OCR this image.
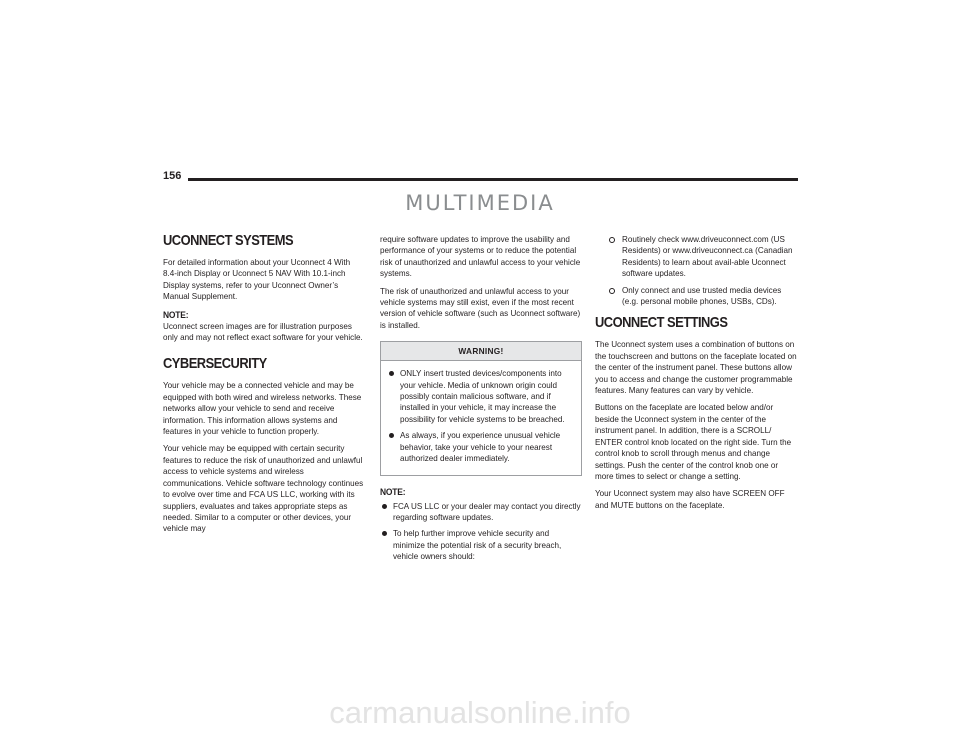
156
MULTIMEDIA
UCONNECT SYSTEMS

For detailed information about your Uconnect 4 With 8.4-inch Display or Uconnect 5 NAV With 10.1-inch Display systems, refer to your Uconnect Owner’s Manual Supplement.

NOTE:

Uconnect screen images are for illustration purposes only and may not reflect exact software for your vehicle.

CYBERSECURITY

Your vehicle may be a connected vehicle and may be equipped with both wired and wireless networks. These networks allow your vehicle to send and receive information. This information allows systems and features in your vehicle to function properly.

Your vehicle may be equipped with certain security features to reduce the risk of unauthorized and unlawful access to vehicle systems and wireless communications. Vehicle software technology continues to evolve over time and FCA US LLC, working with its suppliers, evaluates and takes appropriate steps as needed. Similar to a computer or other devices, your vehicle may

require software updates to improve the usability and performance of your systems or to reduce the potential risk of unauthorized and unlawful access to your vehicle systems.

The risk of unauthorized and unlawful access to your vehicle systems may still exist, even if the most recent version of vehicle software (such as Uconnect software) is installed.

WARNING!
ONLY insert trusted devices/components into your vehicle. Media of unknown origin could possibly contain malicious software, and if installed in your vehicle, it may increase the possibility for vehicle systems to be breached.
As always, if you experience unusual vehicle behavior, take your vehicle to your nearest authorized dealer immediately.
NOTE:
FCA US LLC or your dealer may contact you directly regarding software updates.
To help further improve vehicle security and minimize the potential risk of a security breach, vehicle owners should:
Routinely check www.driveuconnect.com (US Residents) or www.driveuconnect.ca (Canadian Residents) to learn about avail-able Uconnect software updates.
Only connect and use trusted media devices (e.g. personal mobile phones, USBs, CDs).
UCONNECT SETTINGS

The Uconnect system uses a combination of buttons on the touchscreen and buttons on the faceplate located on the center of the instrument panel. These buttons allow you to access and change the customer programmable features. Many features can vary by vehicle.

Buttons on the faceplate are located below and/or beside the Uconnect system in the center of the instrument panel. In addition, there is a SCROLL/ ENTER control knob located on the right side. Turn the control knob to scroll through menus and change settings. Push the center of the control knob one or more times to select or change a setting.

Your Uconnect system may also have SCREEN OFF and MUTE buttons on the faceplate.

carmanualsonline.info
